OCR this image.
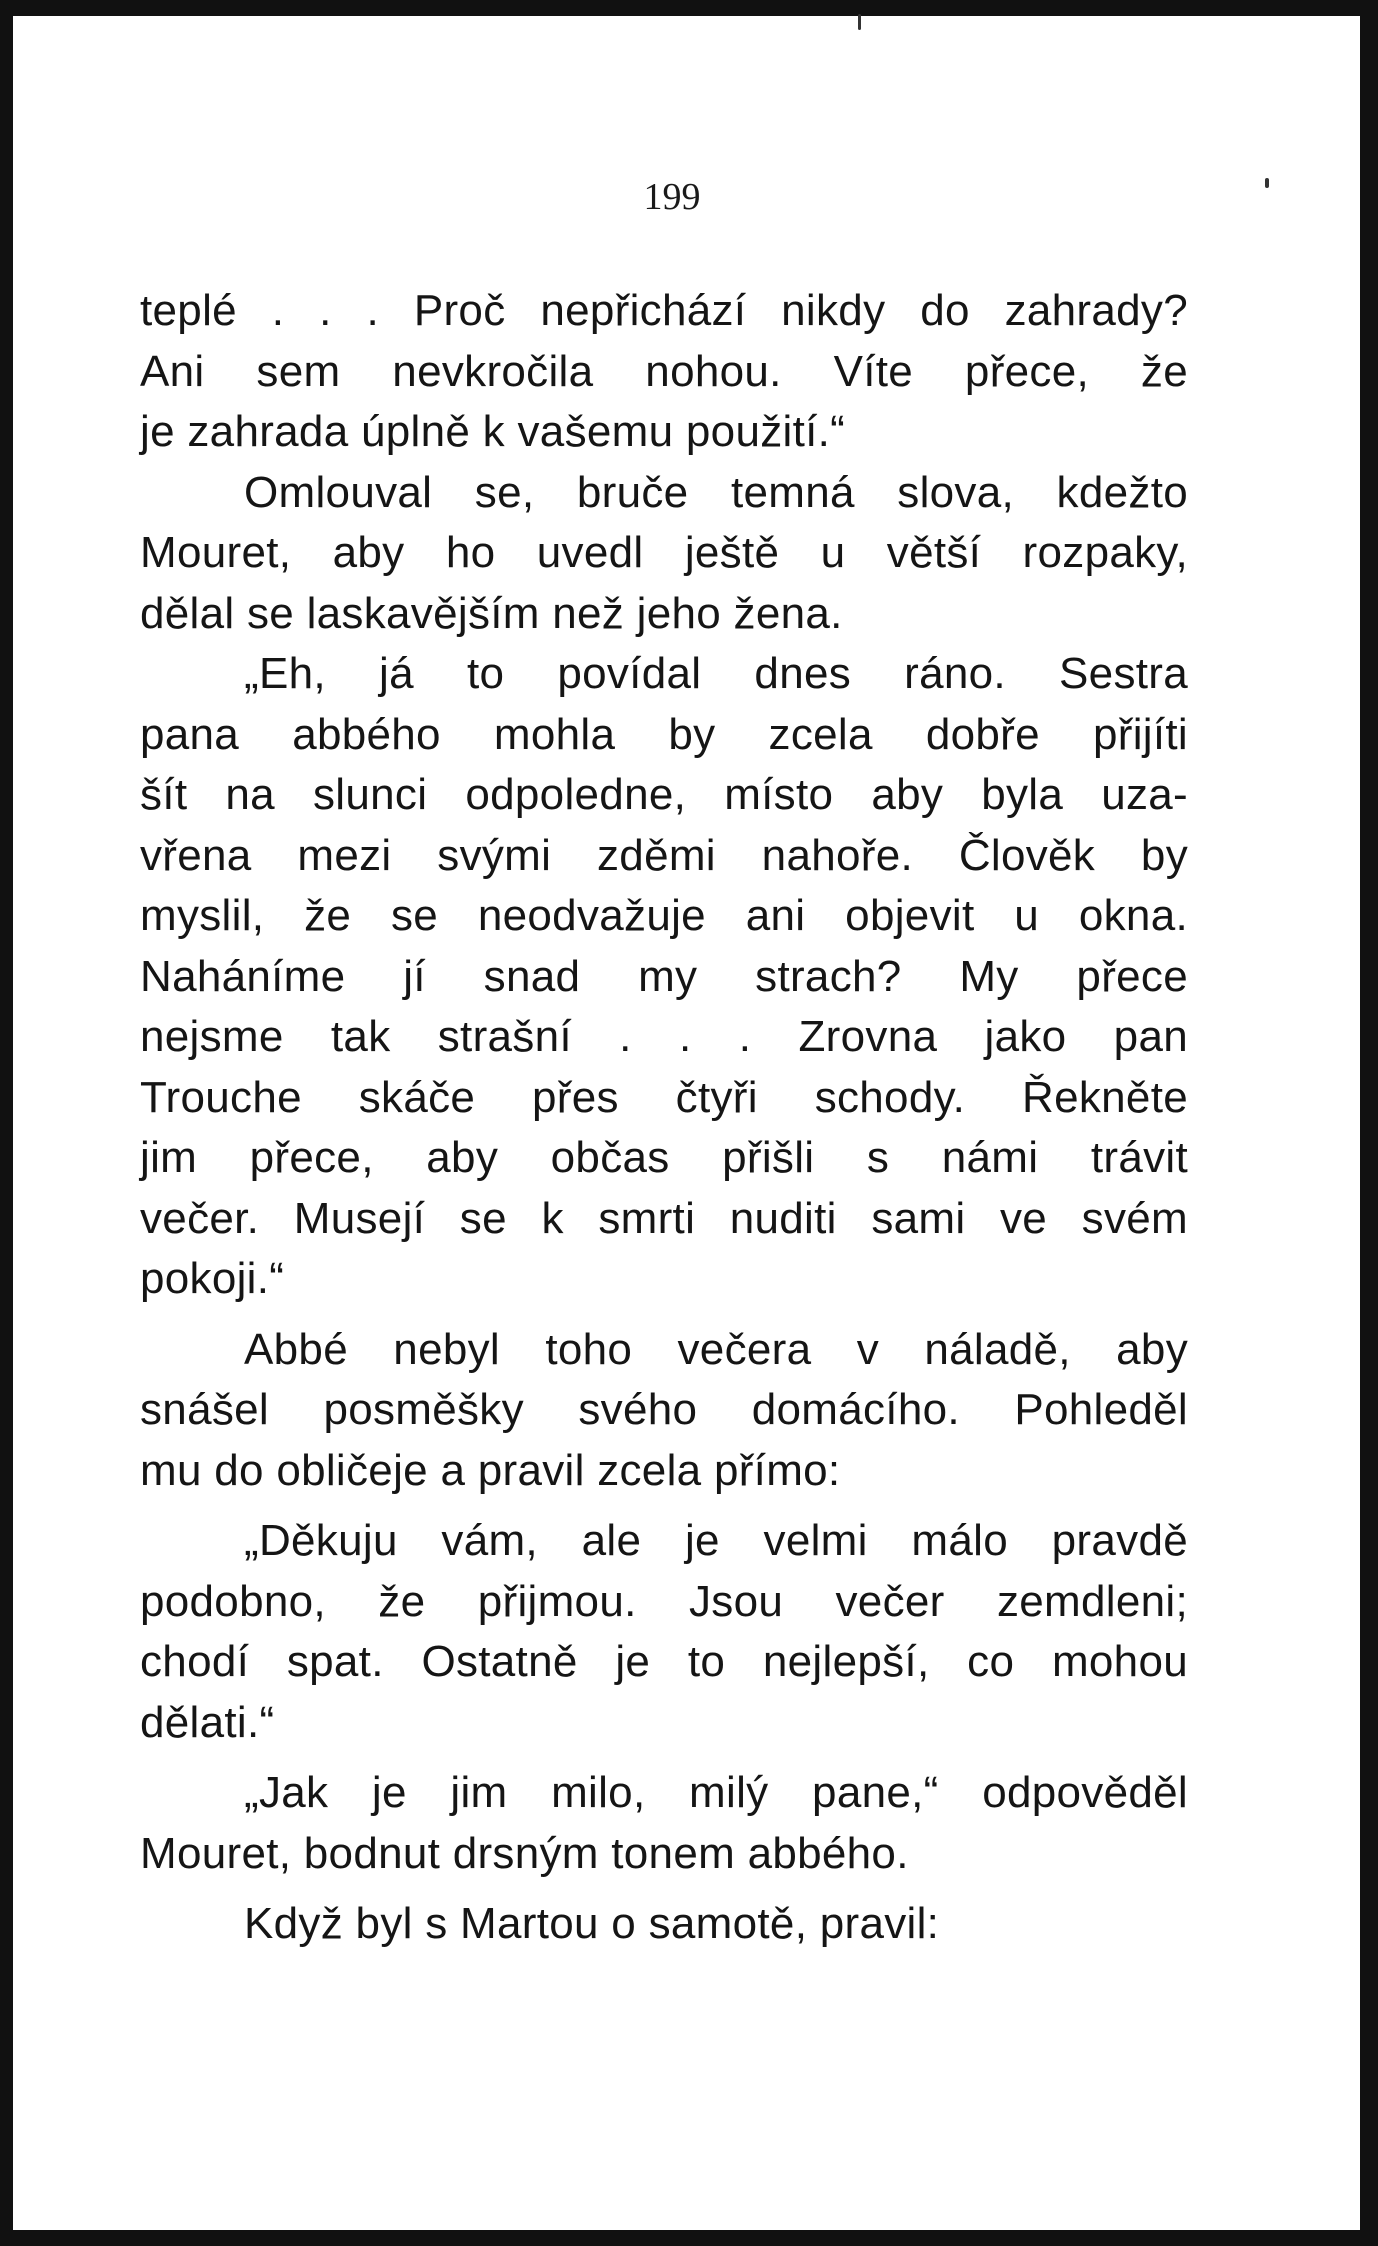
199
teplé . . . Proč nepřichází nikdy do zahrady?
Ani sem nevkročila nohou. Víte přece, že
je zahrada úplně k vašemu použití.“
Omlouval se, bruče temná slova, kdežto
Mouret, aby ho uvedl ještě u větší rozpaky,
dělal se laskavějším než jeho žena.
„Eh, já to povídal dnes ráno. Sestra
pana abbého mohla by zcela dobře přijíti
šít na slunci odpoledne, místo aby byla uza-
vřena mezi svými zděmi nahoře. Člověk by
myslil, že se neodvažuje ani objevit u okna.
Naháníme jí snad my strach? My přece
nejsme tak strašní . . . Zrovna jako pan
Trouche skáče přes čtyři schody. Řekněte
jim přece, aby občas přišli s námi trávit
večer. Musejí se k smrti nuditi sami ve svém
pokoji.“
Abbé nebyl toho večera v náladě, aby
snášel posměšky svého domácího. Pohleděl
mu do obličeje a pravil zcela přímo:
„Děkuju vám, ale je velmi málo pravdě
podobno, že přijmou. Jsou večer zemdleni;
chodí spat. Ostatně je to nejlepší, co mohou
dělati.“
„Jak je jim milo, milý pane,“ odpověděl
Mouret, bodnut drsným tonem abbého.
Když byl s Martou o samotě, pravil:
